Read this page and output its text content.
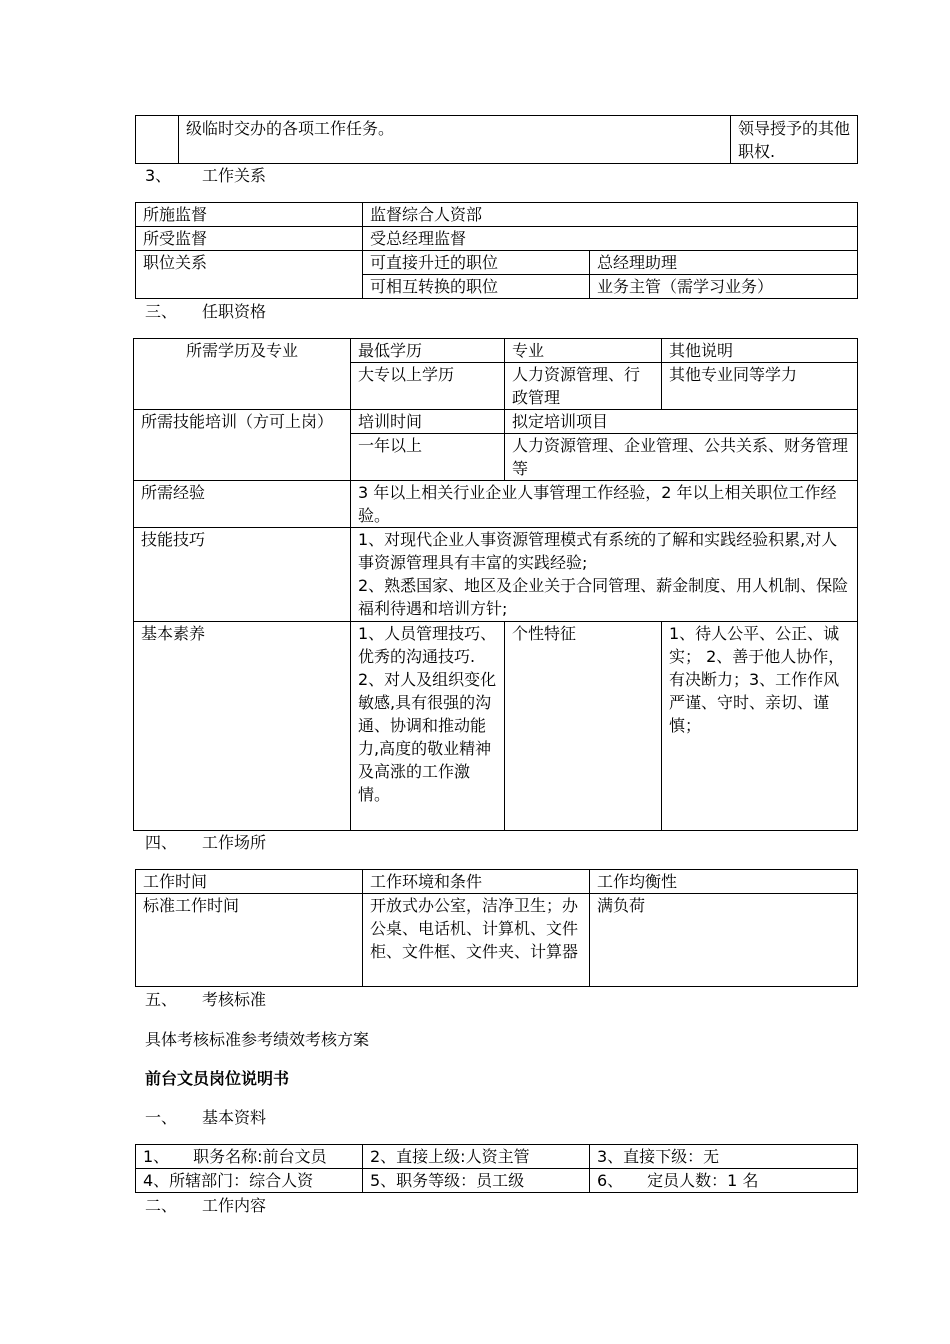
	级临时交办的各项工作任务。	领导授予的其他职权.
3、 工作关系
所施监督	监督综合人资部	
所受监督	受总经理监督	
职位关系	可直接升迁的职位	总经理助理
	可相互转换的职位	业务主管（需学习业务）
三、 任职资格
所需学历及专业	最低学历	专业	其他说明
	大专以上学历	人力资源管理、行政管理	其他专业同等学力
所需技能培训（方可上岗）	培训时间	拟定培训项目	
	一年以上	人力资源管理、企业管理、公共关系、财务管理等	
所需经验	3 年以上相关行业企业人事管理工作经验，2 年以上相关职位工作经验。		
技能技巧	1、对现代企业人事资源管理模式有系统的了解和实践经验积累,对人事资源管理具有丰富的实践经验;
2、熟悉国家、地区及企业关于合同管理、薪金制度、用人机制、保险福利待遇和培训方针;		

基本素养	1、人员管理技巧、优秀的沟通技巧. 2、对人及组织变化敏感,具有很强的沟通、协调和推动能力,高度的敬业精神及高涨的工作激情。	个性特征	1、待人公平、公正、诚实； 2、善于他人协作，有决断力；3、工作作风严谨、守时、亲切、谨慎；
四、 工作场所
工作时间	工作环境和条件	工作均衡性
标准工作时间	开放式办公室，洁净卫生；办公桌、电话机、计算机、文件柜、文件框、文件夹、计算器	满负荷
五、 考核标准
具体考核标准参考绩效考核方案
前台文员岗位说明书
一、 基本资料
1、　　职务名称:前台文员	2、直接上级:人资主管	3、直接下级：无
4、所辖部门：综合人资	5、职务等级：员工级	6、　　定员人数：1 名
二、 工作内容
